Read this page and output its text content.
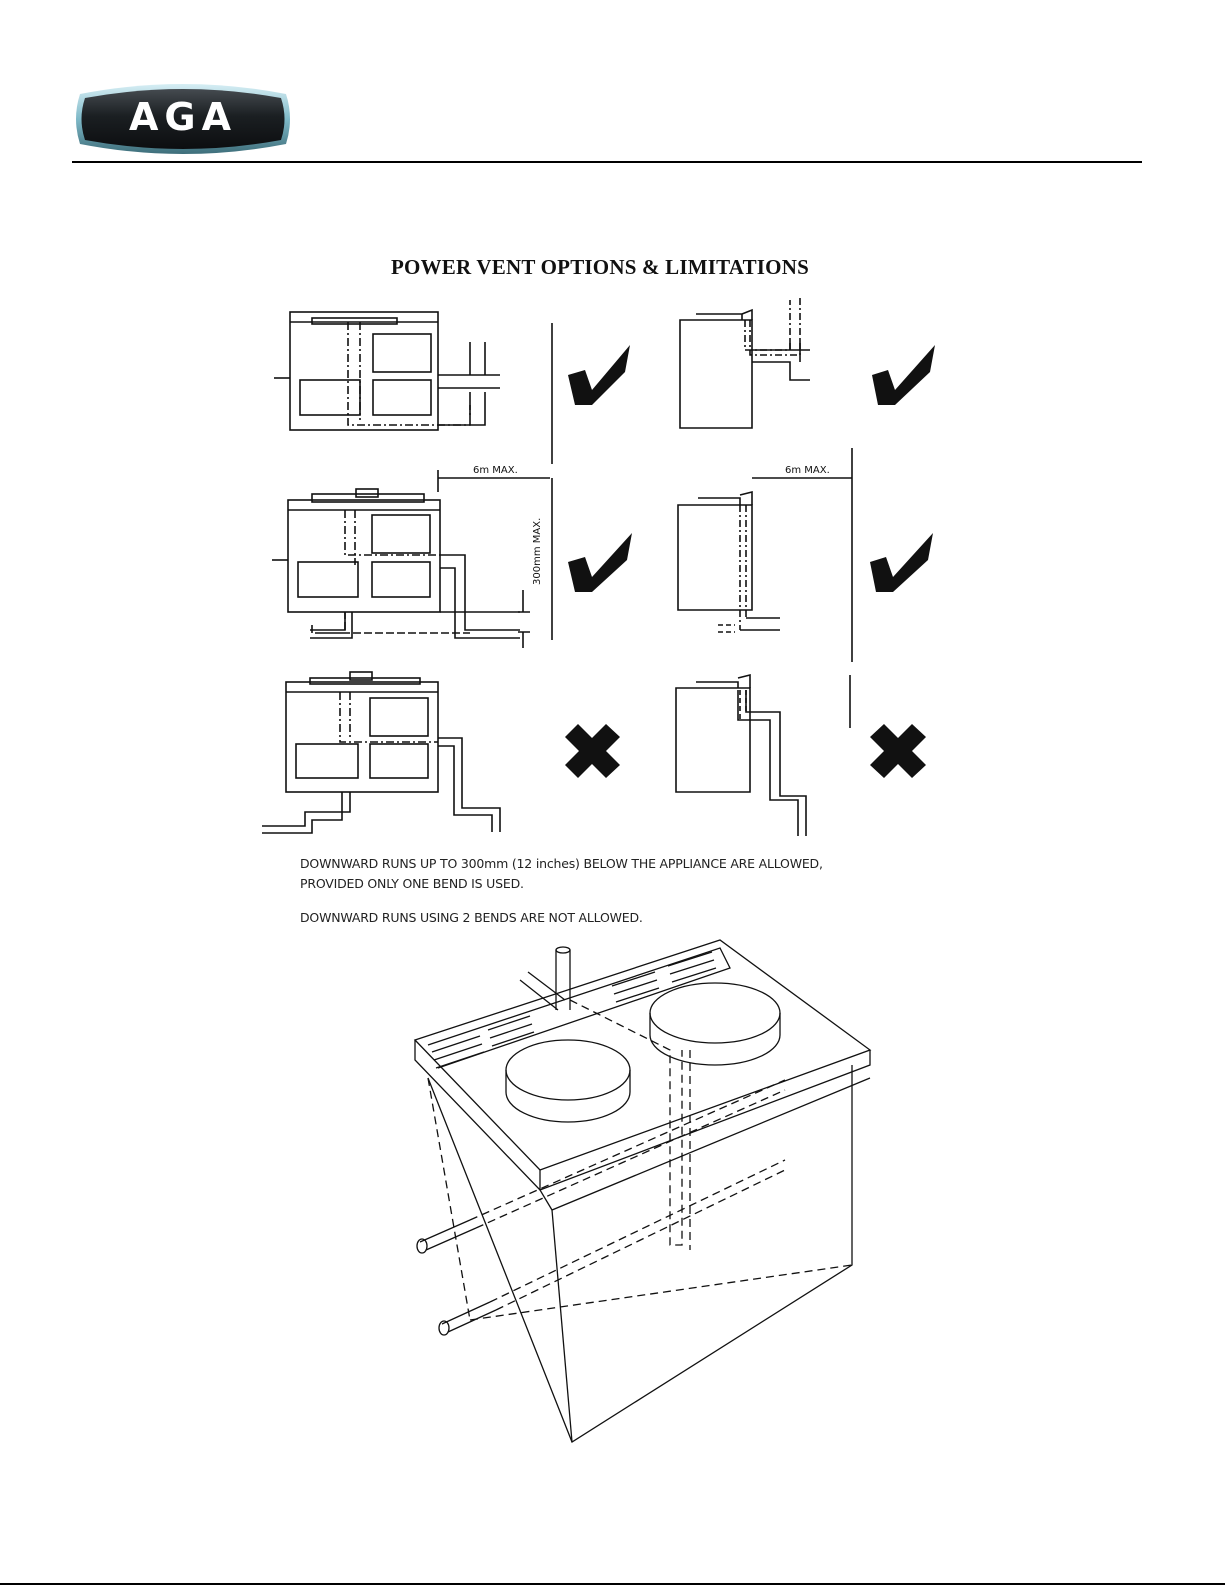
AGA
POWER VENT OPTIONS & LIMITATIONS
6m MAX.	6m MAX.
300mm MAX.
DOWNWARD RUNS UP TO 300mm (12 inches) BELOW THE APPLIANCE ARE ALLOWED,
PROVIDED ONLY ONE BEND IS USED.
DOWNWARD RUNS USING 2 BENDS ARE NOT ALLOWED.
